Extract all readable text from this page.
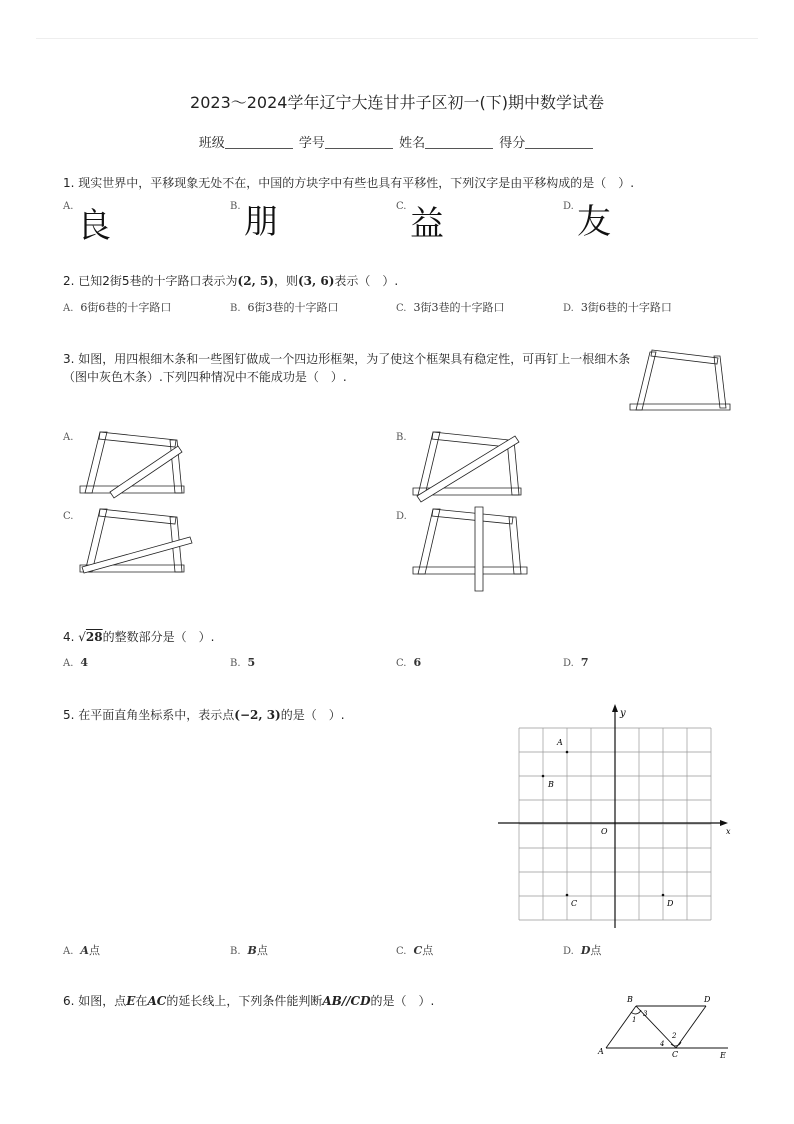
2023～2024学年辽宁大连甘井子区初一(下)期中数学试卷
班级	学号	姓名	得分
1. 现实世界中，平移现象无处不在，中国的方块字中有些也具有平移性，下列汉字是由平移构成的是（　）.
A. 良	B. 朋	C. 益	D. 友
2. 已知2街5巷的十字路口表示为(2, 5)，则(3, 6)表示（　）.
A. 6街6巷的十字路口	B. 6街3巷的十字路口	C. 3街3巷的十字路口	D. 3街6巷的十字路口
3. 如图，用四根细木条和一些图钉做成一个四边形框架，为了使这个框架具有稳定性，可再钉上一根细木条
（图中灰色木条）.下列四种情况中不能成功是（　）.
A.	B.
C.	D.
4. √28的整数部分是（　）.
A. 4	B. 5	C. 6	D. 7
5. 在平面直角坐标系中，表示点(−2, 3)的是（　）.
x
y
O
A
B
C	D
A. A点	B. B点	C. C点	D. D点
6. 如图，点E在AC的延长线上，下列条件能判断AB//CD的是（　）.	B	D
A	C	E
1
2
3
4
